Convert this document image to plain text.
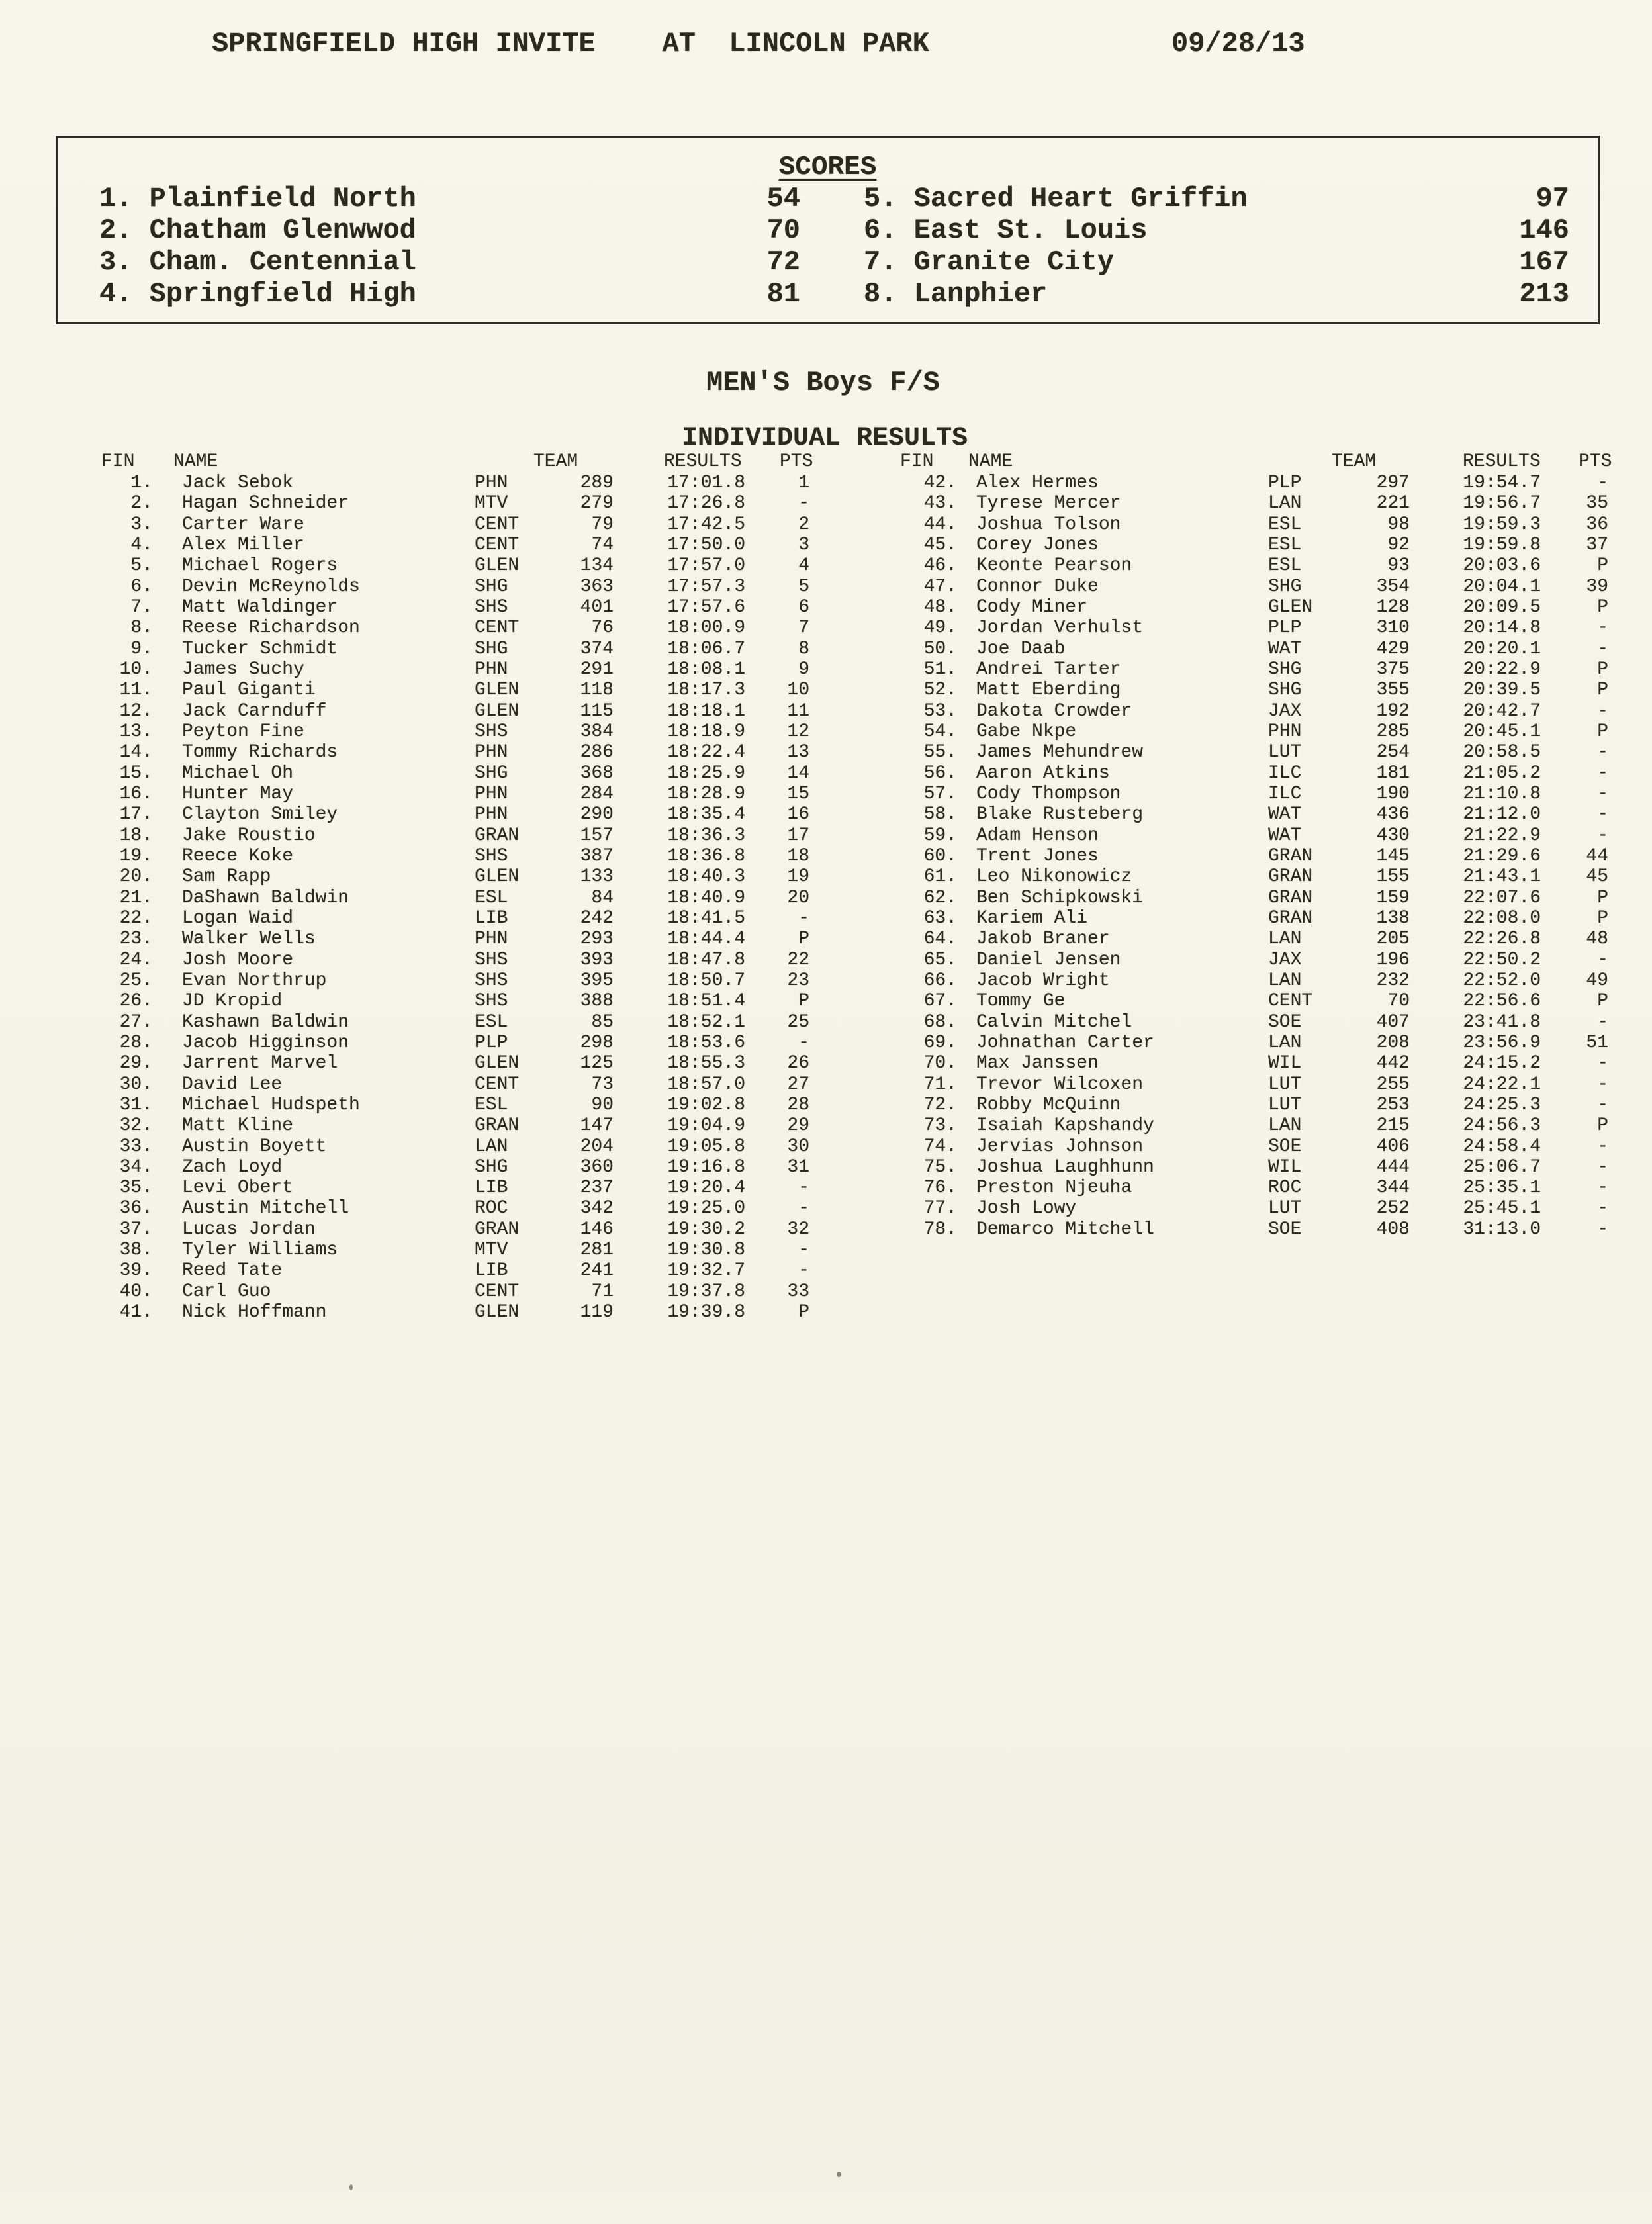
SPRINGFIELD HIGH INVITE    AT  LINCOLN PARK	09/28/13
SCORES
1. Plainfield North	54 5. Sacred Heart Griffin	97
2. Chatham Glenwwod	70 6. East St. Louis	146
3. Cham. Centennial	72 7. Granite City	167
4. Springfield High	81 8. Lanphier	213
MEN'S Boys F/S
INDIVIDUAL RESULTS
FIN NAME	TEAM	RESULTS PTS	FIN NAME	TEAM	RESULTS PTS
1.	Jack Sebok	PHN	289	17:01.8	1
2.	Hagan Schneider	MTV	279	17:26.8	-
3.	Carter Ware	CENT	79	17:42.5	2
4.	Alex Miller	CENT	74	17:50.0	3
5.	Michael Rogers	GLEN	134	17:57.0	4
6.	Devin McReynolds	SHG	363	17:57.3	5
7.	Matt Waldinger	SHS	401	17:57.6	6
8.	Reese Richardson	CENT	76	18:00.9	7
9.	Tucker Schmidt	SHG	374	18:06.7	8
10.	James Suchy	PHN	291	18:08.1	9
11.	Paul Giganti	GLEN	118	18:17.3	10
12.	Jack Carnduff	GLEN	115	18:18.1	11
13.	Peyton Fine	SHS	384	18:18.9	12
14.	Tommy Richards	PHN	286	18:22.4	13
15.	Michael Oh	SHG	368	18:25.9	14
16.	Hunter May	PHN	284	18:28.9	15
17.	Clayton Smiley	PHN	290	18:35.4	16
18.	Jake Roustio	GRAN	157	18:36.3	17
19.	Reece Koke	SHS	387	18:36.8	18
20.	Sam Rapp	GLEN	133	18:40.3	19
21.	DaShawn Baldwin	ESL	84	18:40.9	20
22.	Logan Waid	LIB	242	18:41.5	-
23.	Walker Wells	PHN	293	18:44.4	P
24.	Josh Moore	SHS	393	18:47.8	22
25.	Evan Northrup	SHS	395	18:50.7	23
26.	JD Kropid	SHS	388	18:51.4	P
27.	Kashawn Baldwin	ESL	85	18:52.1	25
28.	Jacob Higginson	PLP	298	18:53.6	-
29.	Jarrent Marvel	GLEN	125	18:55.3	26
30.	David Lee	CENT	73	18:57.0	27
31.	Michael Hudspeth	ESL	90	19:02.8	28
32.	Matt Kline	GRAN	147	19:04.9	29
33.	Austin Boyett	LAN	204	19:05.8	30
34.	Zach Loyd	SHG	360	19:16.8	31
35.	Levi Obert	LIB	237	19:20.4	-
36.	Austin Mitchell	ROC	342	19:25.0	-
37.	Lucas Jordan	GRAN	146	19:30.2	32
38.	Tyler Williams	MTV	281	19:30.8	-
39.	Reed Tate	LIB	241	19:32.7	-
40.	Carl Guo	CENT	71	19:37.8	33
41.	Nick Hoffmann	GLEN	119	19:39.8	P
42.	Alex Hermes	PLP	297	19:54.7	-
43.	Tyrese Mercer	LAN	221	19:56.7	35
44.	Joshua Tolson	ESL	98	19:59.3	36
45.	Corey Jones	ESL	92	19:59.8	37
46.	Keonte Pearson	ESL	93	20:03.6	P
47.	Connor Duke	SHG	354	20:04.1	39
48.	Cody Miner	GLEN	128	20:09.5	P
49.	Jordan Verhulst	PLP	310	20:14.8	-
50.	Joe Daab	WAT	429	20:20.1	-
51.	Andrei Tarter	SHG	375	20:22.9	P
52.	Matt Eberding	SHG	355	20:39.5	P
53.	Dakota Crowder	JAX	192	20:42.7	-
54.	Gabe Nkpe	PHN	285	20:45.1	P
55.	James Mehundrew	LUT	254	20:58.5	-
56.	Aaron Atkins	ILC	181	21:05.2	-
57.	Cody Thompson	ILC	190	21:10.8	-
58.	Blake Rusteberg	WAT	436	21:12.0	-
59.	Adam Henson	WAT	430	21:22.9	-
60.	Trent Jones	GRAN	145	21:29.6	44
61.	Leo Nikonowicz	GRAN	155	21:43.1	45
62.	Ben Schipkowski	GRAN	159	22:07.6	P
63.	Kariem Ali	GRAN	138	22:08.0	P
64.	Jakob Braner	LAN	205	22:26.8	48
65.	Daniel Jensen	JAX	196	22:50.2	-
66.	Jacob Wright	LAN	232	22:52.0	49
67.	Tommy Ge	CENT	70	22:56.6	P
68.	Calvin Mitchel	SOE	407	23:41.8	-
69.	Johnathan Carter	LAN	208	23:56.9	51
70.	Max Janssen	WIL	442	24:15.2	-
71.	Trevor Wilcoxen	LUT	255	24:22.1	-
72.	Robby McQuinn	LUT	253	24:25.3	-
73.	Isaiah Kapshandy	LAN	215	24:56.3	P
74.	Jervias Johnson	SOE	406	24:58.4	-
75.	Joshua Laughhunn	WIL	444	25:06.7	-
76.	Preston Njeuha	ROC	344	25:35.1	-
77.	Josh Lowy	LUT	252	25:45.1	-
78.	Demarco Mitchell	SOE	408	31:13.0	-
